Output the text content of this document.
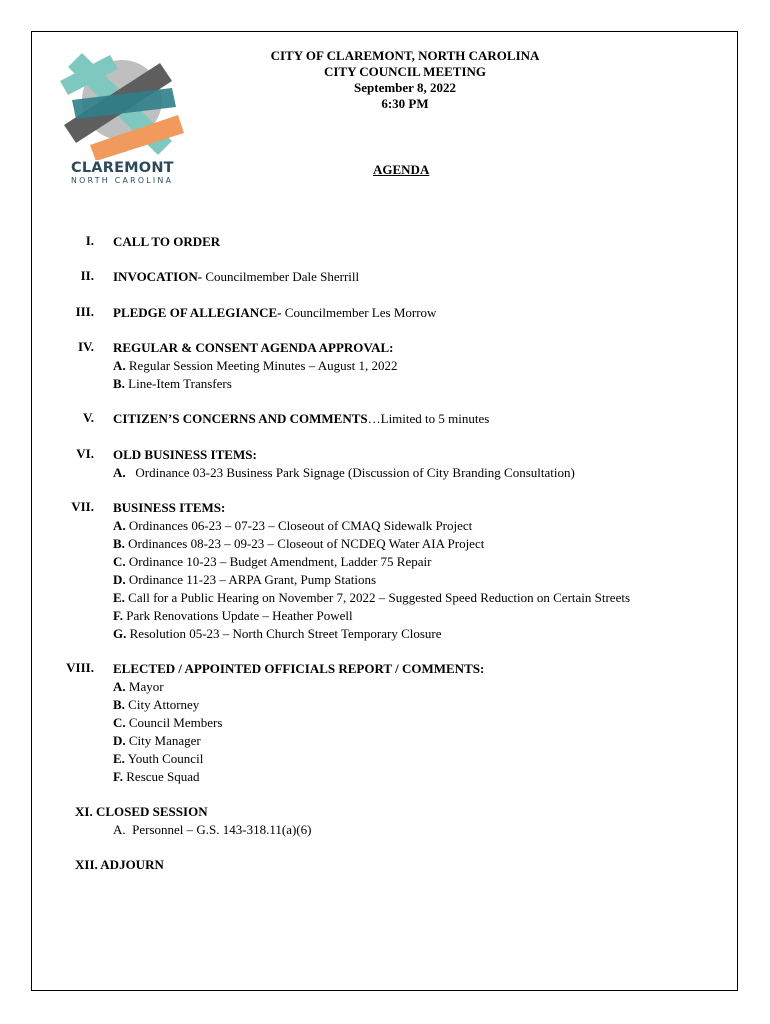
CLAREMONT
NORTH CAROLINA
CITY OF CLAREMONT, NORTH CAROLINA
CITY COUNCIL MEETING
September 8, 2022
6:30 PM
AGENDA
I. CALL TO ORDER
II. INVOCATION- Councilmember Dale Sherrill
III. PLEDGE OF ALLEGIANCE- Councilmember Les Morrow
IV. REGULAR & CONSENT AGENDA APPROVAL:
A. Regular Session Meeting Minutes – August 1, 2022
B. Line-Item Transfers
V. CITIZEN’S CONCERNS AND COMMENTS…Limited to 5 minutes
VI. OLD BUSINESS ITEMS:
A.   Ordinance 03-23 Business Park Signage (Discussion of City Branding Consultation)
VII. BUSINESS ITEMS:
A. Ordinances 06-23 – 07-23 – Closeout of CMAQ Sidewalk Project
B. Ordinances 08-23 – 09-23 – Closeout of NCDEQ Water AIA Project
C. Ordinance 10-23 – Budget Amendment, Ladder 75 Repair
D. Ordinance 11-23 – ARPA Grant, Pump Stations
E. Call for a Public Hearing on November 7, 2022 – Suggested Speed Reduction on Certain Streets
F. Park Renovations Update – Heather Powell
G. Resolution 05-23 – North Church Street Temporary Closure
VIII. ELECTED / APPOINTED OFFICIALS REPORT / COMMENTS:
A. Mayor
B. City Attorney
C. Council Members
D. City Manager
E. Youth Council
F. Rescue Squad
XI. CLOSED SESSION
A.  Personnel – G.S. 143-318.11(a)(6)
XII. ADJOURN
